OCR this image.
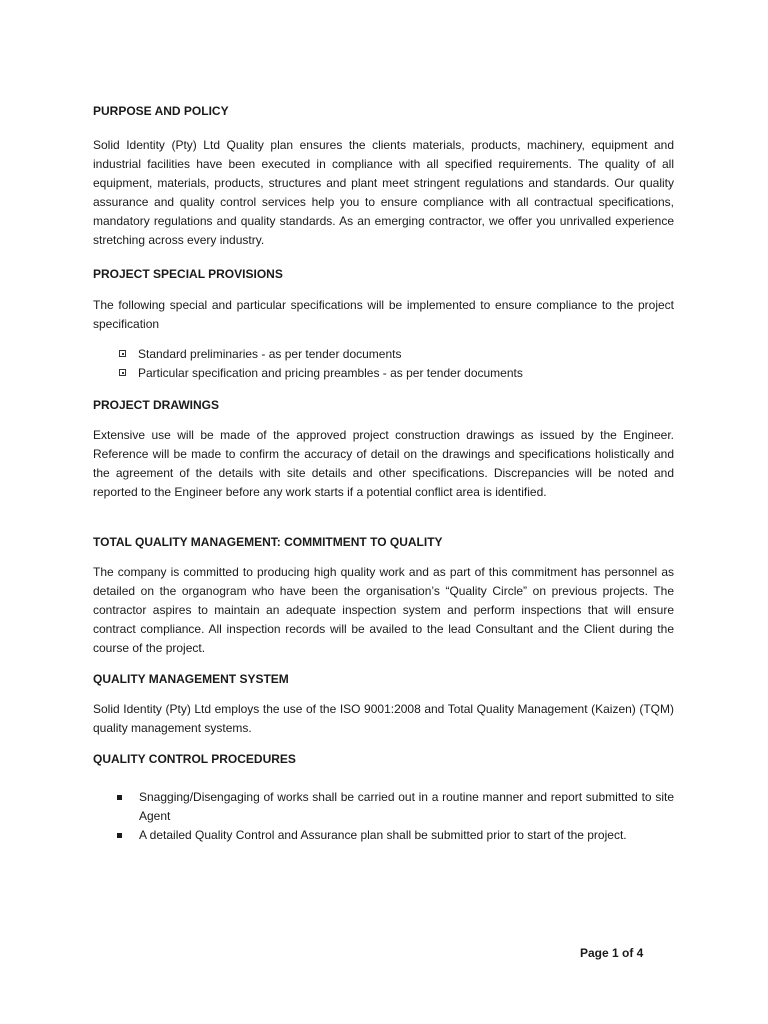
PURPOSE AND POLICY

Solid Identity (Pty) Ltd Quality plan ensures the clients materials, products, machinery, equipment and industrial facilities have been executed in compliance with all specified requirements. The quality of all equipment, materials, products, structures and plant meet stringent regulations and standards. Our quality assurance and quality control services help you to ensure compliance with all contractual specifications, mandatory regulations and quality standards. As an emerging contractor, we offer you unrivalled experience stretching across every industry.

PROJECT SPECIAL PROVISIONS

The following special and particular specifications will be implemented to ensure compliance to the project specification

Standard preliminaries - as per tender documents
Particular specification and pricing preambles - as per tender documents
PROJECT DRAWINGS

Extensive use will be made of the approved project construction drawings as issued by the Engineer. Reference will be made to confirm the accuracy of detail on the drawings and specifications holistically and the agreement of the details with site details and other specifications. Discrepancies will be noted and reported to the Engineer before any work starts if a potential conflict area is identified.

TOTAL QUALITY MANAGEMENT: COMMITMENT TO QUALITY

The company is committed to producing high quality work and as part of this commitment has personnel as detailed on the organogram who have been the organisation’s “Quality Circle” on previous projects. The contractor aspires to maintain an adequate inspection system and perform inspections that will ensure contract compliance. All inspection records will be availed to the lead Consultant and the Client during the course of the project.

QUALITY MANAGEMENT SYSTEM

Solid Identity (Pty) Ltd employs the use of the ISO 9001:2008 and Total Quality Management (Kaizen) (TQM) quality management systems.

QUALITY CONTROL PROCEDURES
Snagging/Disengaging of works shall be carried out in a routine manner and report submitted to site Agent
A detailed Quality Control and Assurance plan shall be submitted prior to start of the project.
Page 1 of 4
